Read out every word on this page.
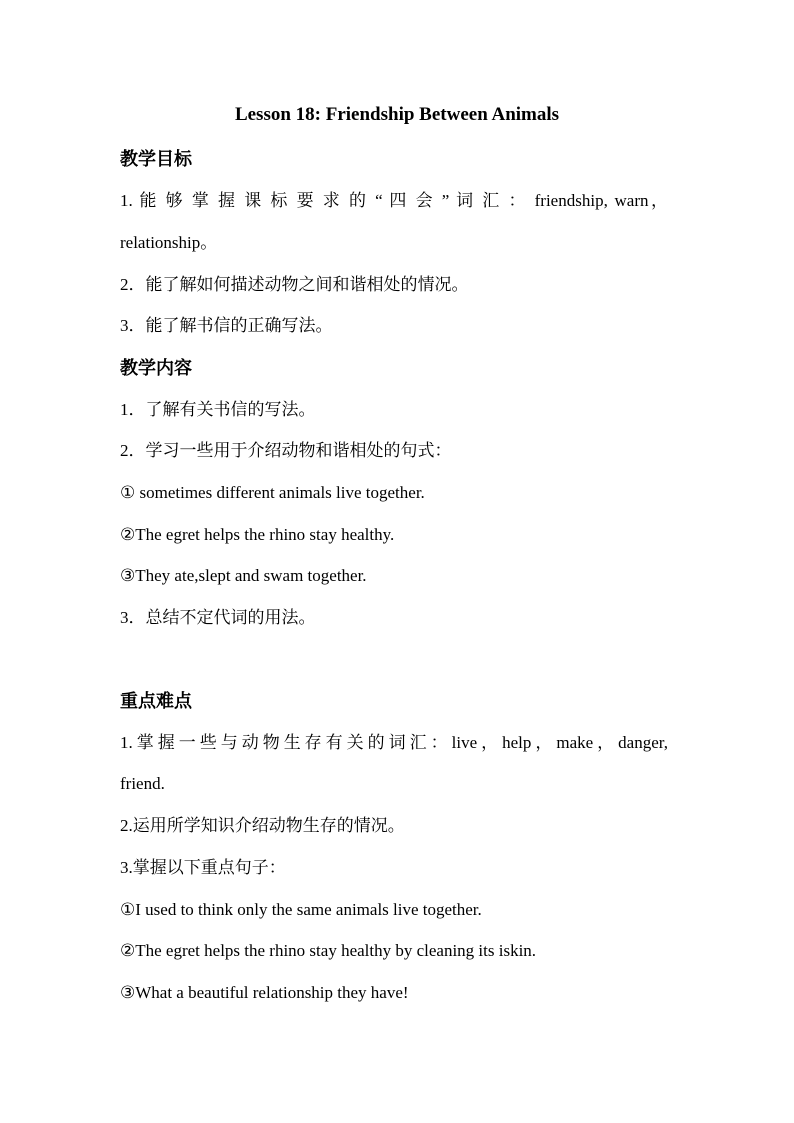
Lesson 18: Friendship Between Animals
教学目标
1. 能 够 掌 握 课 标 要 求 的 “ 四 会 ” 词 汇 ： friendship, warn，
relationship。
2．能了解如何描述动物之间和谐相处的情况。
3．能了解书信的正确写法。
教学内容
1．了解有关书信的写法。
2．学习一些用于介绍动物和谐相处的句式：
① sometimes different animals live together.
②The egret helps the rhino stay healthy.
③They ate,slept and swam together.
3．总结不定代词的用法。
重点难点
1.掌握一些与动物生存有关的词汇：live，help，make，danger,
friend.
2.运用所学知识介绍动物生存的情况。
3.掌握以下重点句子：
①I used to think only the same animals live together.
②The egret helps the rhino stay healthy by cleaning its iskin.
③What a beautiful relationship they have!
